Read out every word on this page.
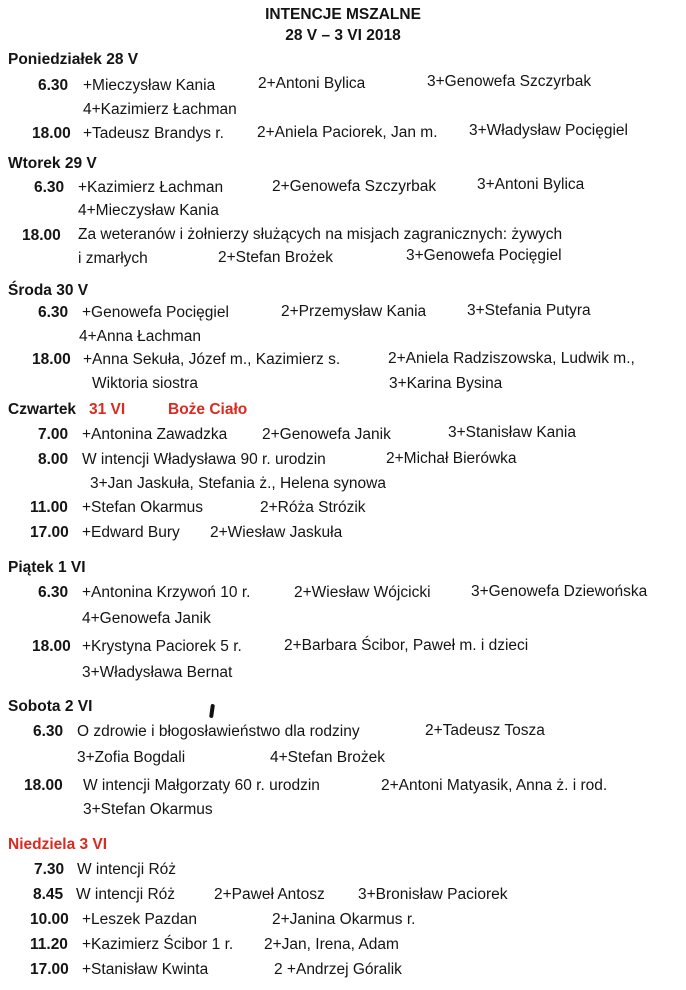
INTENCJE MSZALNE
28 V – 3 VI 2018
Poniedziałek 28 V
6.30 +Mieczysław Kania	2+Antoni Bylica	3+Genowefa Szczyrbak
4+Kazimierz Łachman
18.00 +Tadeusz Brandys r. 2+Aniela Paciorek, Jan m. 3+Władysław Pocięgiel
Wtorek 29 V
6.30 +Kazimierz Łachman	2+Genowefa Szczyrbak	3+Antoni Bylica
4+Mieczysław Kania
18.00 Za weteranów i żołnierzy służących na misjach zagranicznych: żywych
i zmarłych	2+Stefan Brożek	3+Genowefa Pocięgiel
Środa 30 V
6.30 +Genowefa Pocięgiel	2+Przemysław Kania	3+Stefania Putyra
4+Anna Łachman
18.00 +Anna Sekuła, Józef m., Kazimierz s.	2+Aniela Radziszowska, Ludwik m.,
Wiktoria siostra	3+Karina Bysina
Czwartek 31 VI	Boże Ciało
7.00 +Antonina Zawadzka 2+Genowefa Janik	3+Stanisław Kania
8.00 W intencji Władysława 90 r. urodzin	2+Michał Bierówka
3+Jan Jaskuła, Stefania ż., Helena synowa
11.00 +Stefan Okarmus	2+Róża Strózik
17.00 +Edward Bury 2+Wiesław Jaskuła
Piątek 1 VI
6.30 +Antonina Krzywoń 10 r.	2+Wiesław Wójcicki	3+Genowefa Dziewońska
4+Genowefa Janik
18.00 +Krystyna Paciorek 5 r.	2+Barbara Ścibor, Paweł m. i dzieci
3+Władysława Bernat
Sobota 2 VI
6.30 O zdrowie i błogosławieństwo dla rodziny	2+Tadeusz Tosza
3+Zofia Bogdali	4+Stefan Brożek
18.00 W intencji Małgorzaty 60 r. urodzin	2+Antoni Matyasik, Anna ż. i rod.
3+Stefan Okarmus
Niedziela 3 VI
7.30 W intencji Róż
8.45 W intencji Róż	2+Paweł Antosz 3+Bronisław Paciorek
10.00 +Leszek Pazdan	2+Janina Okarmus r.
11.20 +Kazimierz Ścibor 1 r. 2+Jan, Irena, Adam
17.00 +Stanisław Kwinta	2 +Andrzej Góralik
